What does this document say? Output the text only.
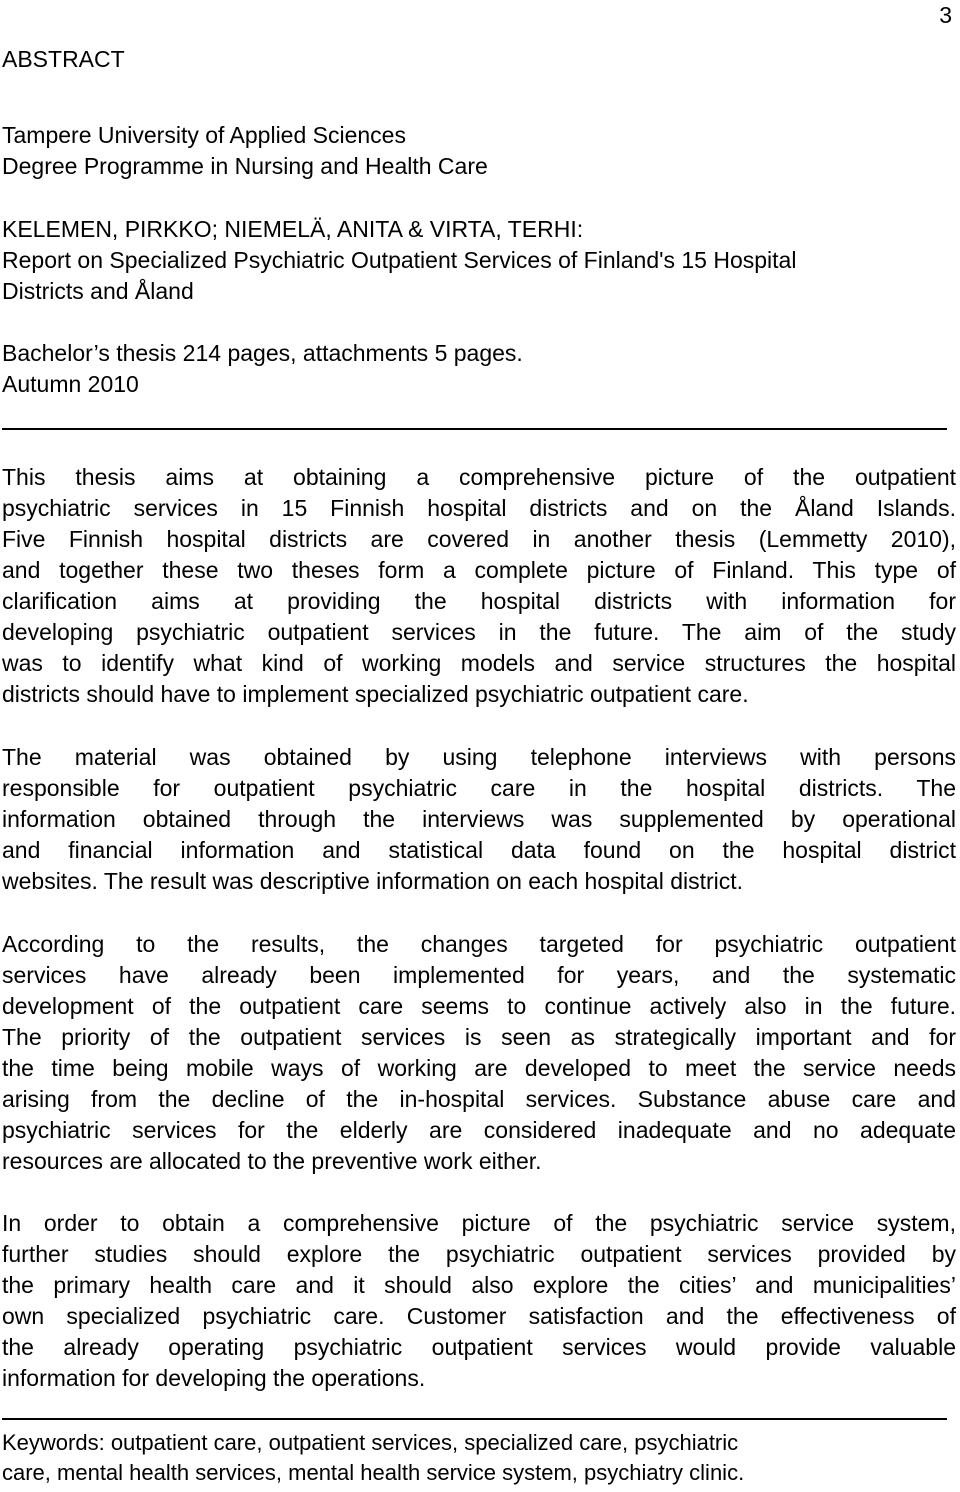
3
ABSTRACT
Tampere University of Applied Sciences
Degree Programme in Nursing and Health Care
KELEMEN, PIRKKO; NIEMELÄ, ANITA & VIRTA, TERHI:
Report on Specialized Psychiatric Outpatient Services of Finland's 15 Hospital
Districts and Åland
Bachelor’s thesis 214 pages, attachments 5 pages.
Autumn 2010
This thesis aims at obtaining a comprehensive picture of the outpatient
psychiatric services in 15 Finnish hospital districts and on the Åland Islands.
Five Finnish hospital districts are covered in another thesis (Lemmetty 2010),
and together these two theses form a complete picture of Finland. This type of
clarification aims at providing the hospital districts with information for
developing psychiatric outpatient services in the future. The aim of the study
was to identify what kind of working models and service structures the hospital
districts should have to implement specialized psychiatric outpatient care.
The material was obtained by using telephone interviews with persons
responsible for outpatient psychiatric care in the hospital districts. The
information obtained through the interviews was supplemented by operational
and financial information and statistical data found on the hospital district
websites. The result was descriptive information on each hospital district.
According to the results, the changes targeted for psychiatric outpatient
services have already been implemented for years, and the systematic
development of the outpatient care seems to continue actively also in the future.
The priority of the outpatient services is seen as strategically important and for
the time being mobile ways of working are developed to meet the service needs
arising from the decline of the in-hospital services. Substance abuse care and
psychiatric services for the elderly are considered inadequate and no adequate
resources are allocated to the preventive work either.
In order to obtain a comprehensive picture of the psychiatric service system,
further studies should explore the psychiatric outpatient services provided by
the primary health care and it should also explore the cities’ and municipalities’
own specialized psychiatric care. Customer satisfaction and the effectiveness of
the already operating psychiatric outpatient services would provide valuable
information for developing the operations.
Keywords: outpatient care, outpatient services, specialized care, psychiatric
care, mental health services, mental health service system, psychiatry clinic.
